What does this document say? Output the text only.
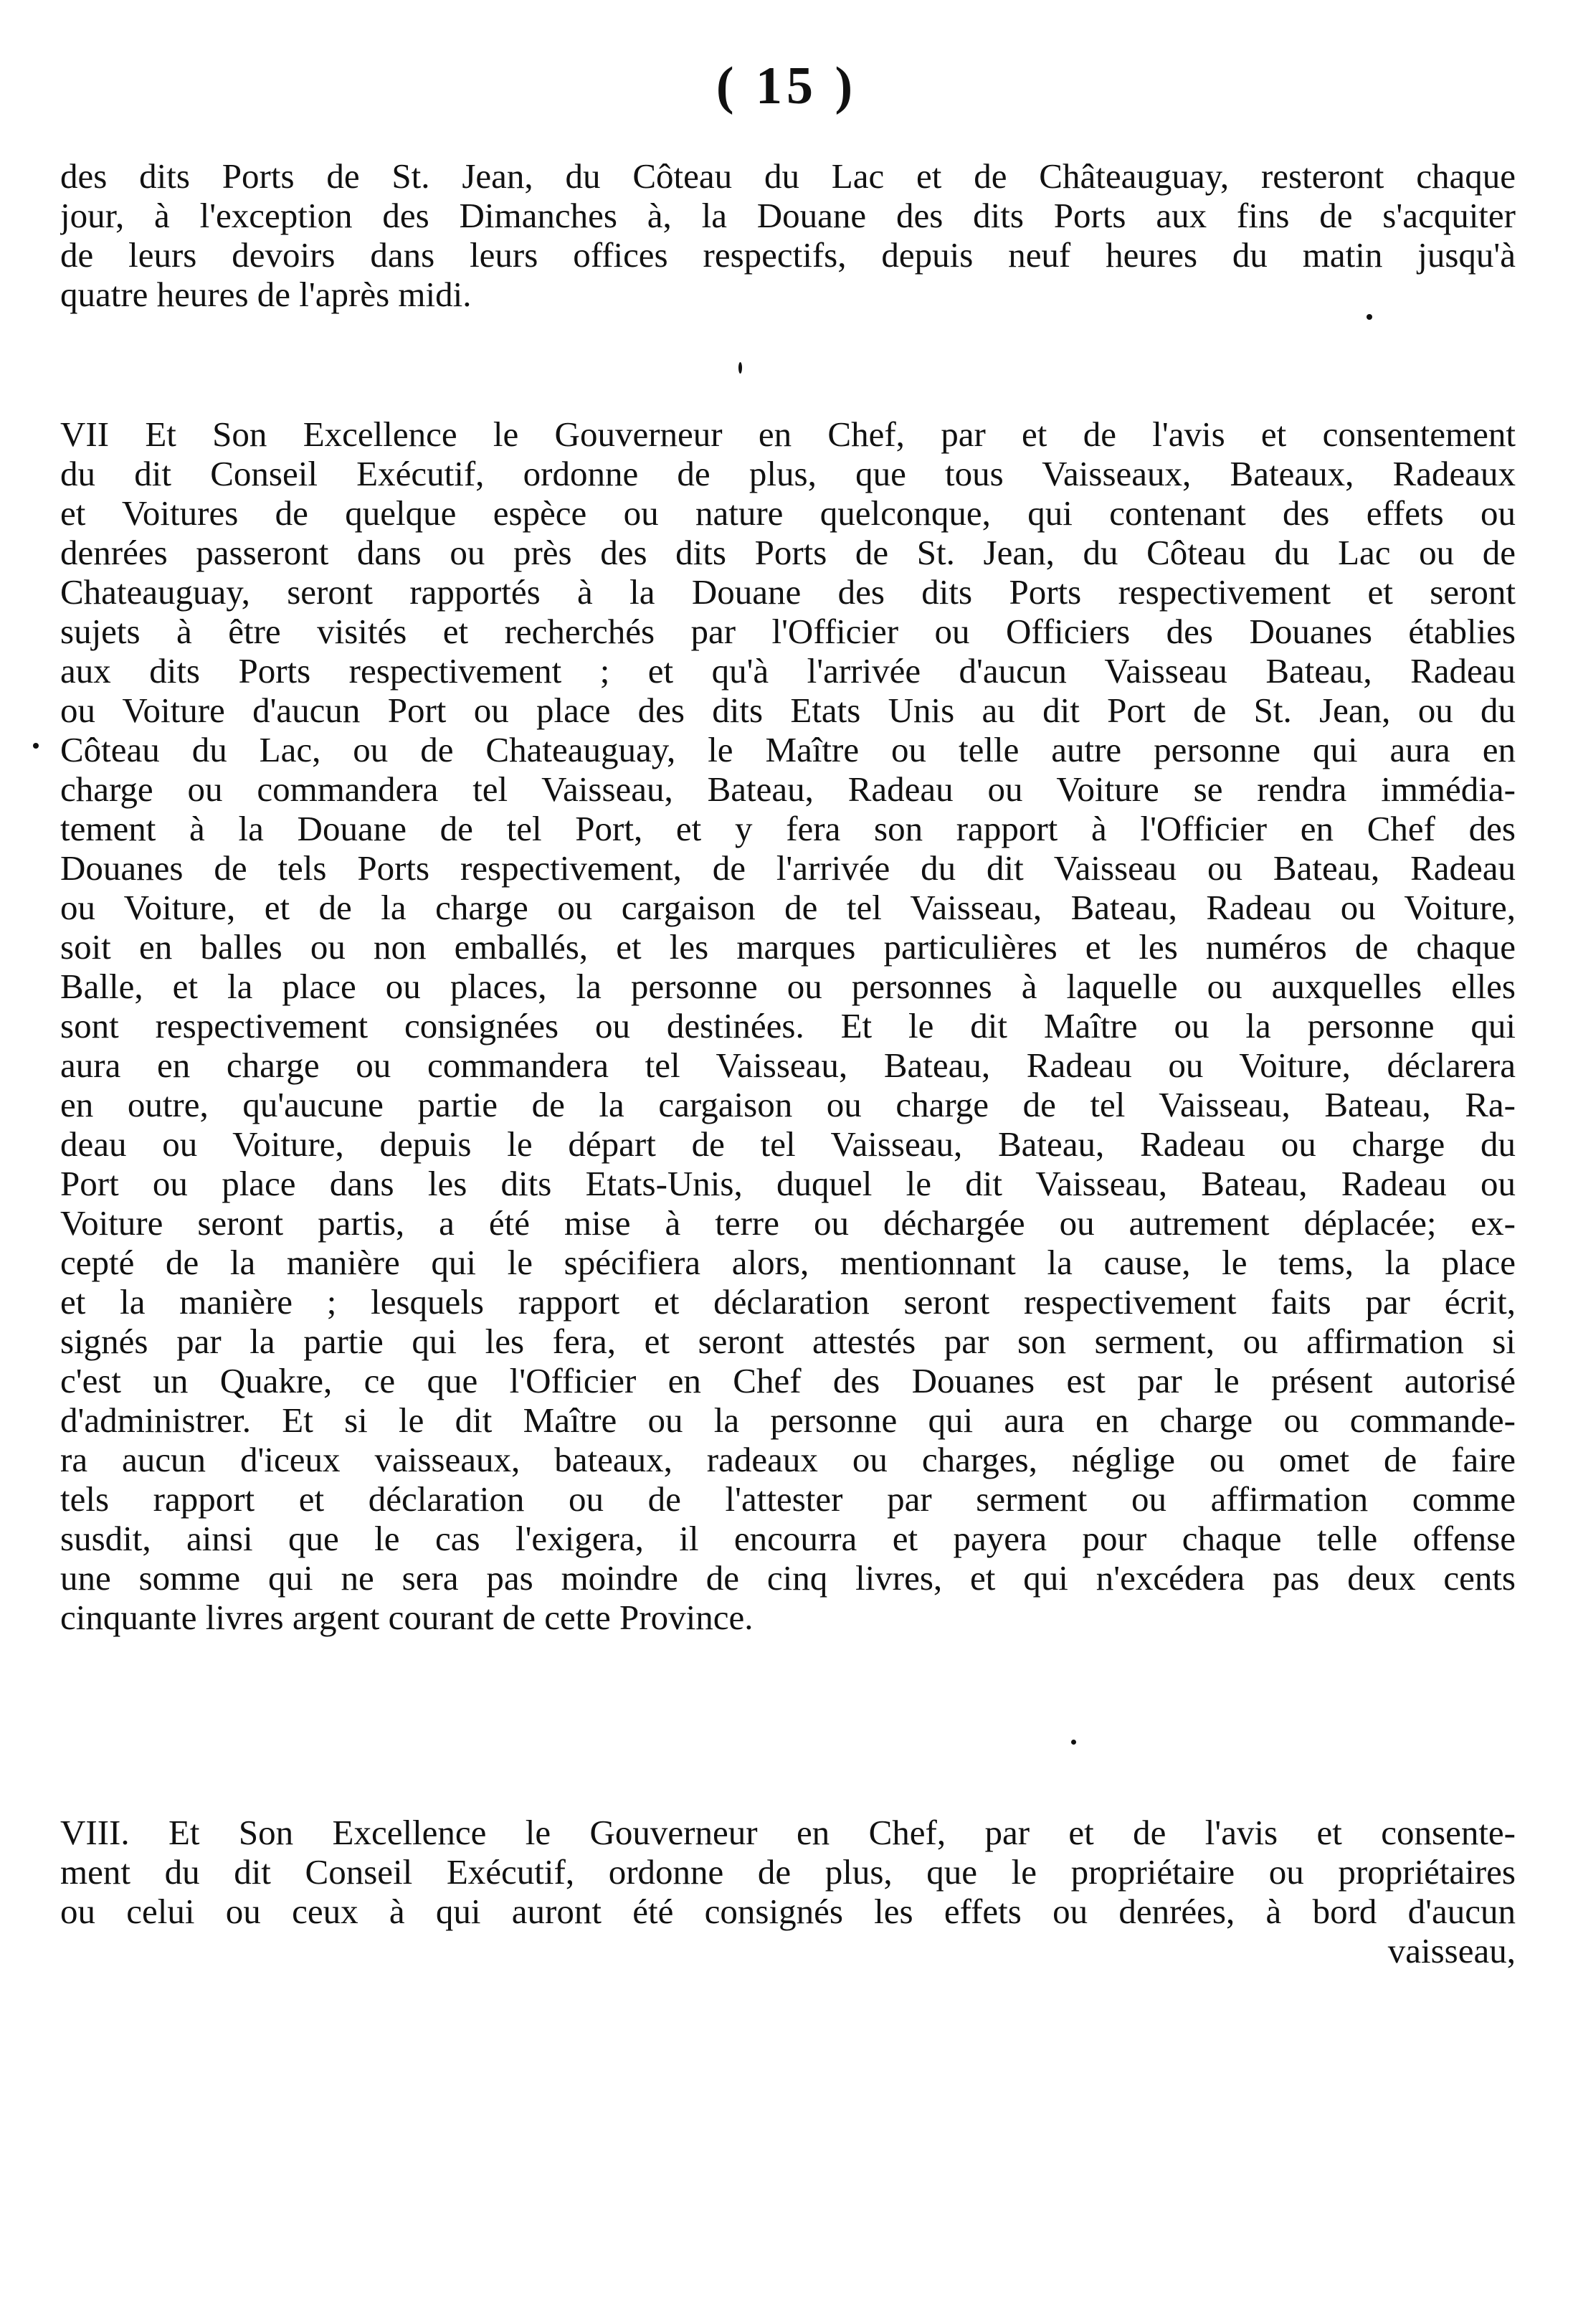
( 15 )
des dits Ports de St. Jean, du Côteau du Lac et de Châteauguay, resteront chaque
jour, à l'exception des Dimanches à, la Douane des dits Ports aux fins de s'acquiter
de leurs devoirs dans leurs offices respectifs, depuis neuf heures du matin jusqu'à
quatre heures de l'après midi.
VII Et Son Excellence le Gouverneur en Chef, par et de l'avis et consentement
du dit Conseil Exécutif, ordonne de plus, que tous Vaisseaux, Bateaux, Radeaux
et Voitures de quelque espèce ou nature quelconque, qui contenant des effets ou
denrées passeront dans ou près des dits Ports de St. Jean, du Côteau du Lac ou de
Chateauguay, seront rapportés à la Douane des dits Ports respectivement et seront
sujets à être visités et recherchés par l'Officier ou Officiers des Douanes établies
aux dits Ports respectivement ; et qu'à l'arrivée d'aucun Vaisseau Bateau, Radeau
ou Voiture d'aucun Port ou place des dits Etats Unis au dit Port de St. Jean, ou du
Côteau du Lac, ou de Chateauguay, le Maître ou telle autre personne qui aura en
charge ou commandera tel Vaisseau, Bateau, Radeau ou Voiture se rendra immédia-
tement à la Douane de tel Port, et y fera son rapport à l'Officier en Chef des
Douanes de tels Ports respectivement, de l'arrivée du dit Vaisseau ou Bateau, Radeau
ou Voiture, et de la charge ou cargaison de tel Vaisseau, Bateau, Radeau ou Voiture,
soit en balles ou non emballés, et les marques particulières et les numéros de chaque
Balle, et la place ou places, la personne ou personnes à laquelle ou auxquelles elles
sont respectivement consignées ou destinées. Et le dit Maître ou la personne qui
aura en charge ou commandera tel Vaisseau, Bateau, Radeau ou Voiture, déclarera
en outre, qu'aucune partie de la cargaison ou charge de tel Vaisseau, Bateau, Ra-
deau ou Voiture, depuis le départ de tel Vaisseau, Bateau, Radeau ou charge du
Port ou place dans les dits Etats-Unis, duquel le dit Vaisseau, Bateau, Radeau ou
Voiture seront partis, a été mise à terre ou déchargée ou autrement déplacée; ex-
cepté de la manière qui le spécifiera alors, mentionnant la cause, le tems, la place
et la manière ; lesquels rapport et déclaration seront respectivement faits par écrit,
signés par la partie qui les fera, et seront attestés par son serment, ou affirmation si
c'est un Quakre, ce que l'Officier en Chef des Douanes est par le présent autorisé
d'administrer. Et si le dit Maître ou la personne qui aura en charge ou commande-
ra aucun d'iceux vaisseaux, bateaux, radeaux ou charges, néglige ou omet de faire
tels rapport et déclaration ou de l'attester par serment ou affirmation comme
susdit, ainsi que le cas l'exigera, il encourra et payera pour chaque telle offense
une somme qui ne sera pas moindre de cinq livres, et qui n'excédera pas deux cents
cinquante livres argent courant de cette Province.
VIII. Et Son Excellence le Gouverneur en Chef, par et de l'avis et consente-
ment du dit Conseil Exécutif, ordonne de plus, que le propriétaire ou propriétaires
ou celui ou ceux à qui auront été consignés les effets ou denrées, à bord d'aucun
vaisseau,
